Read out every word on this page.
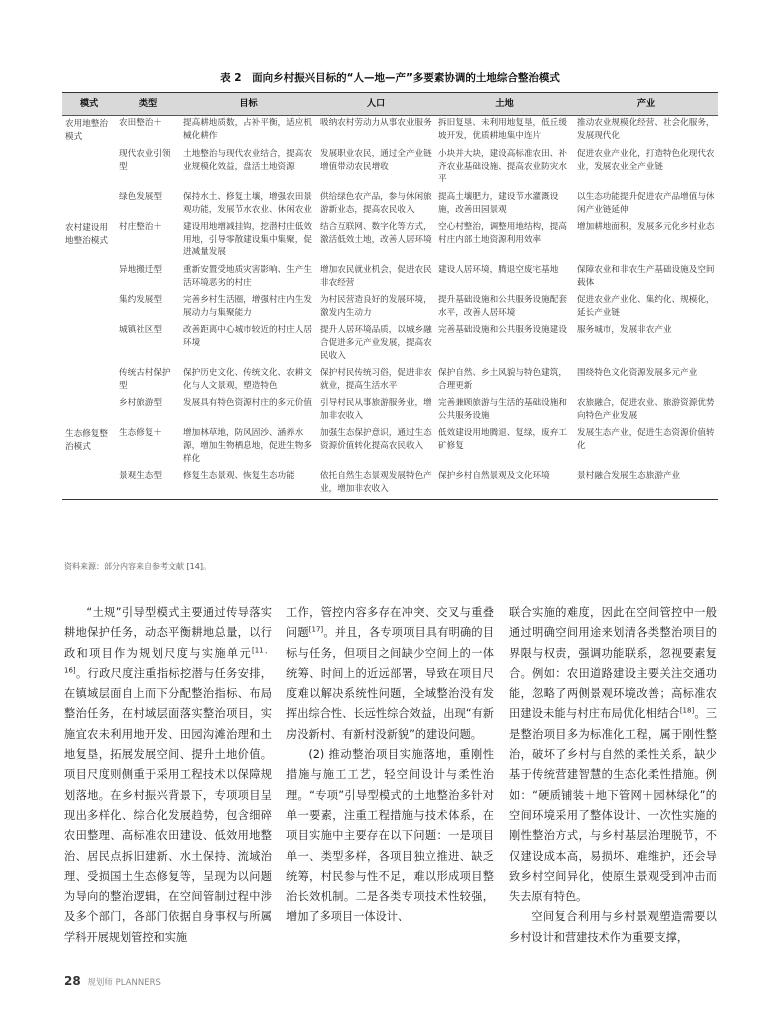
表 2　面向乡村振兴目标的“人—地—产”多要素协调的土地综合整治模式
模式	类型	目标	人口	土地	产业
农用地整治模式	农田整治＋	提高耕地质数，占补平衡，适应机械化耕作	吸纳农村劳动力从事农业服务	拆旧复垦、未利用地复垦，低丘缓坡开发，优质耕地集中连片	推动农业规模化经营、社会化服务，发展现代化
	现代农业引领型	土地整治与现代农业结合，提高农业规模化效益，盘活土地资源	发展职业农民，通过全产业链增值带动农民增收	小块并大块，建设高标准农田、补齐农业基础设施、提高农业防灾水平	促进农业产业化，打造特色化现代农业，发展农业全产业链
	绿色发展型	保持水土、修复土壤，增强农田景观功能，发展节水农业、休闲农业	供给绿色农产品，参与休闲旅游新业态，提高农民收入	提高土壤肥力，建设节水灌溉设施，改善田园景观	以生态功能提升促进农产品增值与休闲产业链延伸
农村建设用地整治模式	村庄整治＋	建设用地增减挂钩，挖潜村庄低效用地，引导零散建设集中集聚，促进减量发展	结合互联网、数字化等方式，激活低效土地，改善人居环境	空心村整治，调整用地结构，提高村庄内部土地资源利用效率	增加耕地面积，发展多元化乡村业态
	异地搬迁型	重新安置受地质灾害影响、生产生活环境恶劣的村庄	增加农民就业机会，促进农民非农经营	建设人居环境，腾退空废宅基地	保障农业和非农生产基础设施及空间载体
	集约发展型	完善乡村生活圈，增强村庄内生发展动力与集聚能力	为村民营造良好的发展环境，激发内生动力	提升基础设施和公共服务设施配套水平，改善人居环境	促进农业产业化、集约化、规模化，延长产业链
	城镇社区型	改善距离中心城市较近的村庄人居环境	提升人居环境品质，以城乡融合促进多元产业发展，提高农民收入	完善基础设施和公共服务设施建设	服务城市，发展非农产业
	传统古村保护型	保护历史文化、传统文化、农耕文化与人文景观，塑造特色	保护村民传统习俗，促进非农就业，提高生活水平	保护自然、乡土风貌与特色建筑，合理更新	围绕特色文化资源发展多元产业
	乡村旅游型	发展具有特色资源村庄的多元价值	引导村民从事旅游服务业，增加非农收入	完善兼顾旅游与生活的基础设施和公共服务设施	农旅融合，促进农业、旅游资源优势向特色产业发展
生态修复整治模式	生态修复＋	增加林草地，防风固沙、涵养水源，增加生物栖息地，促进生物多样化	加强生态保护意识，通过生态资源价值转化提高农民收入	低效建设用地腾退、复绿，废弃工矿修复	发展生态产业，促进生态资源价值转化
	景观生态型	修复生态景观、恢复生态功能	依托自然生态景观发展特色产业，增加非农收入	保护乡村自然景观及文化环境	景村融合发展生态旅游产业
资料来源：部分内容来自参考文献 [14]。

“土规”引导型模式主要通过传导落实耕地保护任务，动态平衡耕地总量，以行政和项目作为规划尺度与实施单元[11，16]。行政尺度注重指标挖潜与任务安排，在镇域层面自上而下分配整治指标、布局整治任务，在村域层面落实整治项目，实施宜农未利用地开发、田园沟滩治理和土地复垦，拓展发展空间、提升土地价值。项目尺度则侧重于采用工程技术以保障规划落地。在乡村振兴背景下，专项项目呈现出多样化、综合化发展趋势，包含细碎农田整理、高标准农田建设、低效用地整治、居民点拆旧建新、水土保持、流域治理、受损国土生态修复等，呈现为以问题为导向的整治逻辑，在空间管制过程中涉及多个部门，各部门依据自身事权与所属学科开展规划管控和实施

工作，管控内容多存在冲突、交叉与重叠问题[17]。并且，各专项项目具有明确的目标与任务，但项目之间缺少空间上的一体统筹、时间上的近远部署，导致在项目尺度难以解决系统性问题，全域整治没有发挥出综合性、长远性综合效益，出现“有新房没新村、有新村没新貌”的建设问题。

(2) 推动整治项目实施落地，重刚性措施与施工工艺，轻空间设计与柔性治理。“专项”引导型模式的土地整治多针对单一要素，注重工程措施与技术体系，在项目实施中主要存在以下问题：一是项目单一、类型多样，各项目独立推进、缺乏统筹，村民参与性不足，难以形成项目整治长效机制。二是各类专项技术性较强，增加了多项目一体设计、

联合实施的难度，因此在空间管控中一般通过明确空间用途来划清各类整治项目的界限与权责，强调功能联系，忽视要素复合。例如：农田道路建设主要关注交通功能，忽略了两侧景观环境改善；高标准农田建设未能与村庄布局优化相结合[18]。三是整治项目多为标准化工程，属于刚性整治，破坏了乡村与自然的柔性关系，缺少基于传统营建智慧的生态化柔性措施。例如：“硬质铺装＋地下管网＋园林绿化”的空间环境采用了整体设计、一次性实施的刚性整治方式，与乡村基层治理脱节，不仅建设成本高，易损坏、难维护，还会导致乡村空间异化，使原生景观受到冲击而失去原有特色。

空间复合利用与乡村景观塑造需要以乡村设计和营建技术作为重要支撑，

28 规划师 PLANNERS
